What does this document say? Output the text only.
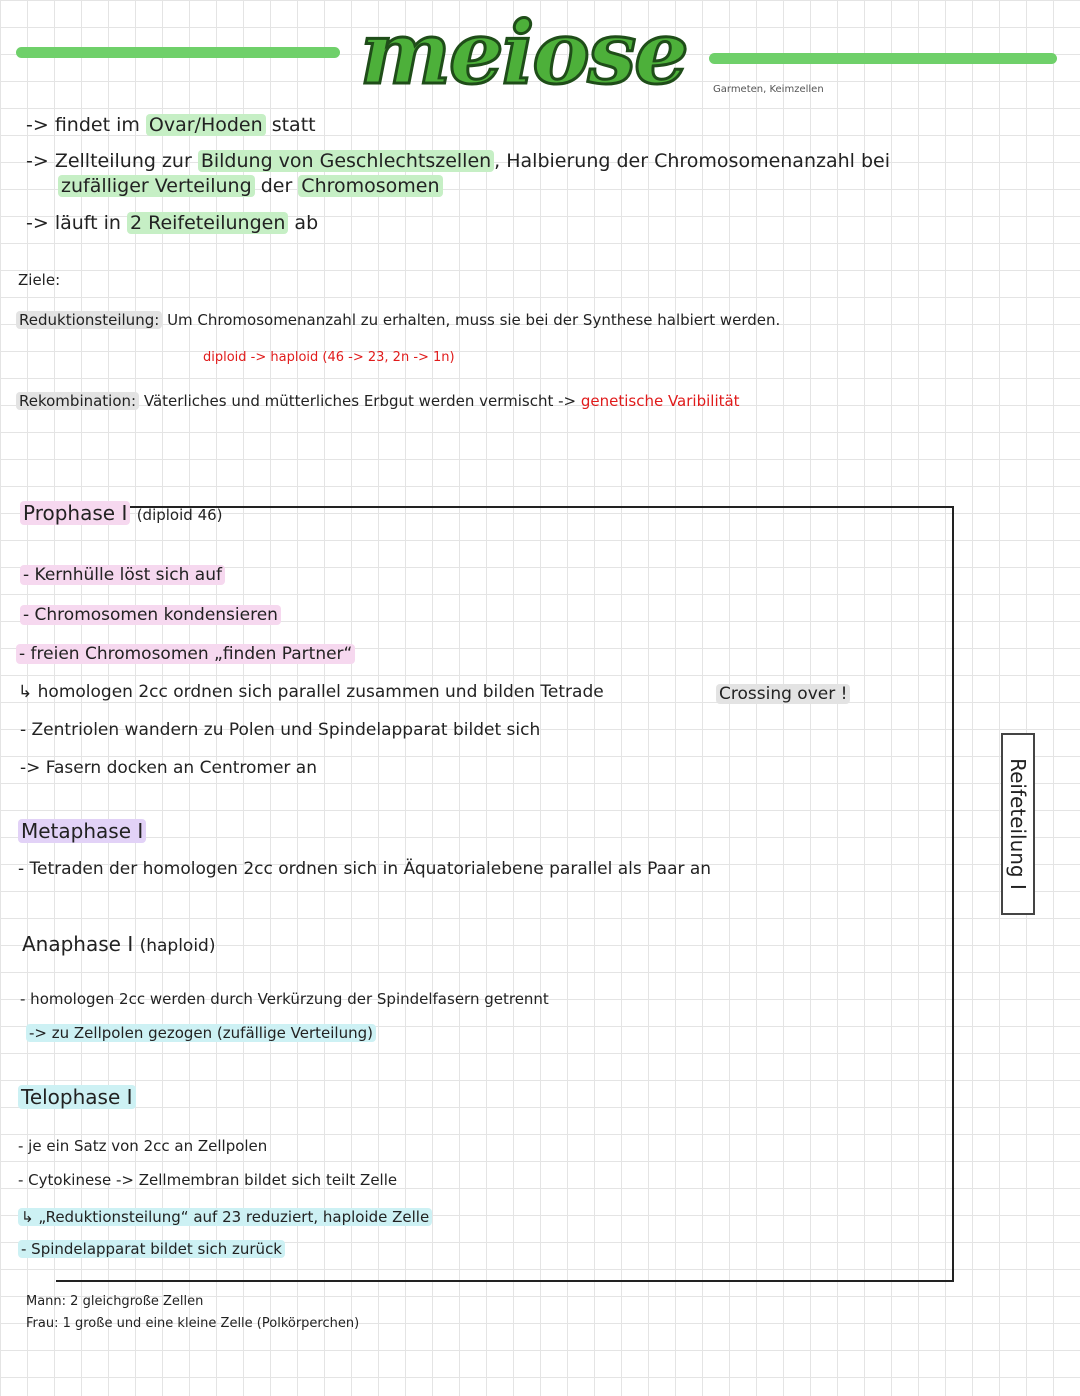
meiose	Garmeten, Keimzellen
-> findet im Ovar/Hoden statt
-> Zellteilung zur Bildung von Geschlechtszellen , Halbierung der Chromosomenanzahl bei
zufälliger Verteilung der Chromosomen
-> läuft in 2 Reifeteilungen ab
Ziele:
Reduktionsteilung: Um Chromosomenanzahl zu erhalten, muss sie bei der Synthese halbiert werden.
diploid -> haploid (46 -> 23, 2n -> 1n)
Rekombination: Väterliches und mütterliches Erbgut werden vermischt -> genetische Varibilität
Reifeteilung I
Prophase I (diploid 46)
- Kernhülle löst sich auf
- Chromosomen kondensieren
- freien Chromosomen „finden Partner“
↳ homologen 2cc ordnen sich parallel zusammen und bilden Tetrade
- Zentriolen wandern zu Polen und Spindelapparat bildet sich
-> Fasern docken an Centromer an
Crossing over !
Metaphase I
- Tetraden der homologen 2cc ordnen sich in Äquatorialebene parallel als Paar an
Anaphase I (haploid)
- homologen 2cc werden durch Verkürzung der Spindelfasern getrennt
-> zu Zellpolen gezogen (zufällige Verteilung)
Telophase I
- je ein Satz von 2cc an Zellpolen
- Cytokinese -> Zellmembran bildet sich teilt Zelle
↳ „Reduktionsteilung“ auf 23 reduziert, haploide Zelle
- Spindelapparat bildet sich zurück
Mann: 2 gleichgroße Zellen
Frau: 1 große und eine kleine Zelle (Polkörperchen)
